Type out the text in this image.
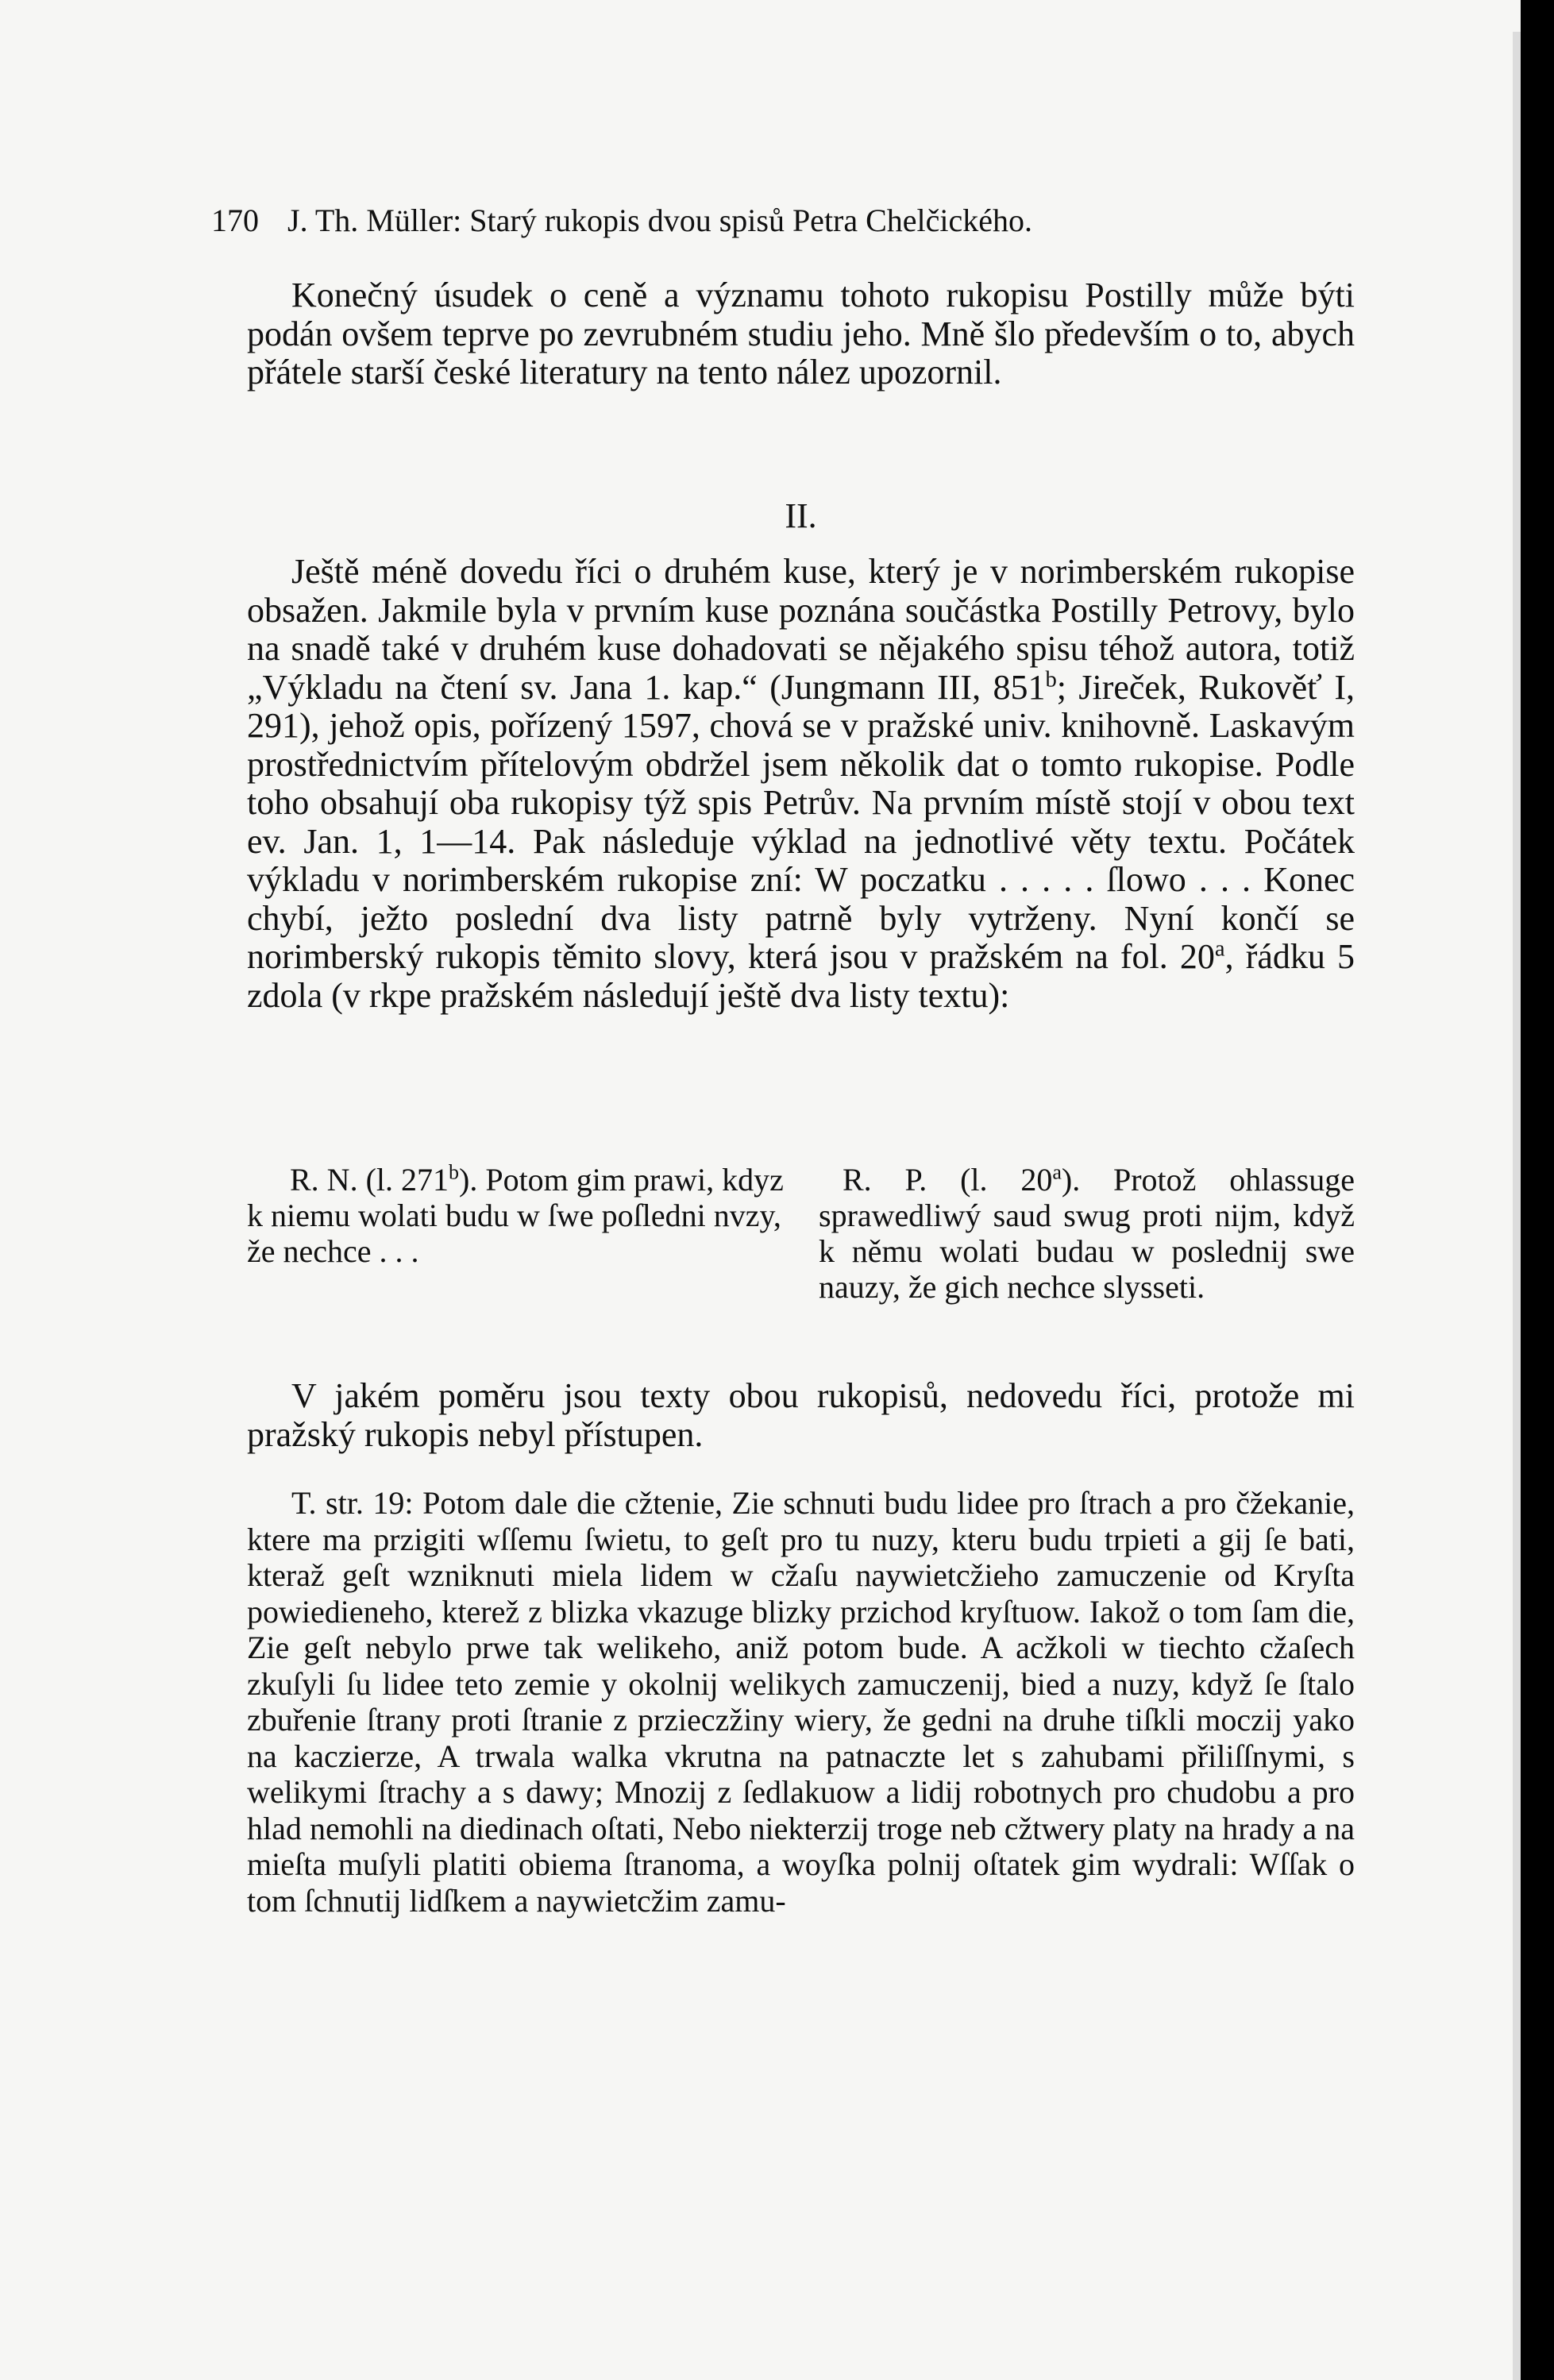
170 J. Th. Müller: Starý rukopis dvou spisů Petra Chelčického.

Konečný úsudek o ceně a významu tohoto rukopisu Postilly může býti podán ovšem teprve po zevrubném studiu jeho. Mně šlo především o to, abych přátele starší české literatury na tento nález upozornil.

II.

Ještě méně dovedu říci o druhém kuse, který je v norimberském rukopise obsažen. Jakmile byla v prvním kuse poznána součástka Postilly Petrovy, bylo na snadě také v druhém kuse dohadovati se nějakého spisu téhož autora, totiž „Výkladu na čtení sv. Jana 1. kap.“ (Jungmann III, 851$^b$; Jireček, Rukověť I, 291), jehož opis, pořízený 1597, chová se v pražské univ. knihovně. Laskavým prostřednictvím přítelovým obdržel jsem několik dat o tomto rukopise. Podle toho obsahují oba rukopisy týž spis Petrův. Na prvním místě stojí v obou text ev. Jan. 1, 1—14. Pak následuje výklad na jednotlivé věty textu. Počátek výkladu v norimberském rukopise zní: W poczatku . . . . . ſlowo . . . Konec chybí, ježto poslední dva listy patrně byly vytrženy. Nyní končí se norimberský rukopis těmito slovy, která jsou v pražském na fol. 20$^a$, řádku 5 zdola (v rkpe pražském následují ještě dva listy textu):

R. N. (l. 271$^b$). Potom gim prawi, kdyz k niemu wolati budu w ſwe poſledni nvzy, že nechce . . .

R. P. (l. 20$^a$). Protož ohlassuge sprawedliwý saud swug proti nijm, když k němu wolati budau w poslednij swe nauzy, že gich nechce slysseti.

V jakém poměru jsou texty obou rukopisů, nedovedu říci, protože mi pražský rukopis nebyl přístupen.

T. str. 19: Potom dale die cžtenie, Zie schnuti budu lidee pro ſtrach a pro čžekanie, ktere ma przigiti wſſemu ſwietu, to geſt pro tu nuzy, kteru budu trpieti a gij ſe bati, kteraž geſt wzniknuti miela lidem w cžaſu naywietcžieho zamuczenie od Kryſta powiedieneho, kterež z blizka vkazuge blizky przichod kryſtuow. Iakož o tom ſam die, Zie geſt nebylo prwe tak welikeho, aniž potom bude. A acžkoli w tiechto cžaſech zkuſyli ſu lidee teto zemie y okolnij welikych zamuczenij, bied a nuzy, když ſe ſtalo zbuřenie ſtrany proti ſtranie z przieczžiny wiery, že gedni na druhe tiſkli moczij yako na kaczierze, A trwala walka vkrutna na patnaczte let s zahubami přiliſſnymi, s welikymi ſtrachy a s dawy; Mnozij z ſedlakuow a lidij robotnych pro chudobu a pro hlad nemohli na diedinach oſtati, Nebo niekterzij troge neb cžtwery platy na hrady a na mieſta muſyli platiti obiema ſtranoma, a woyſka polnij oſtatek gim wydrali: Wſſak o tom ſchnutij lidſkem a naywietcžim zamu-
